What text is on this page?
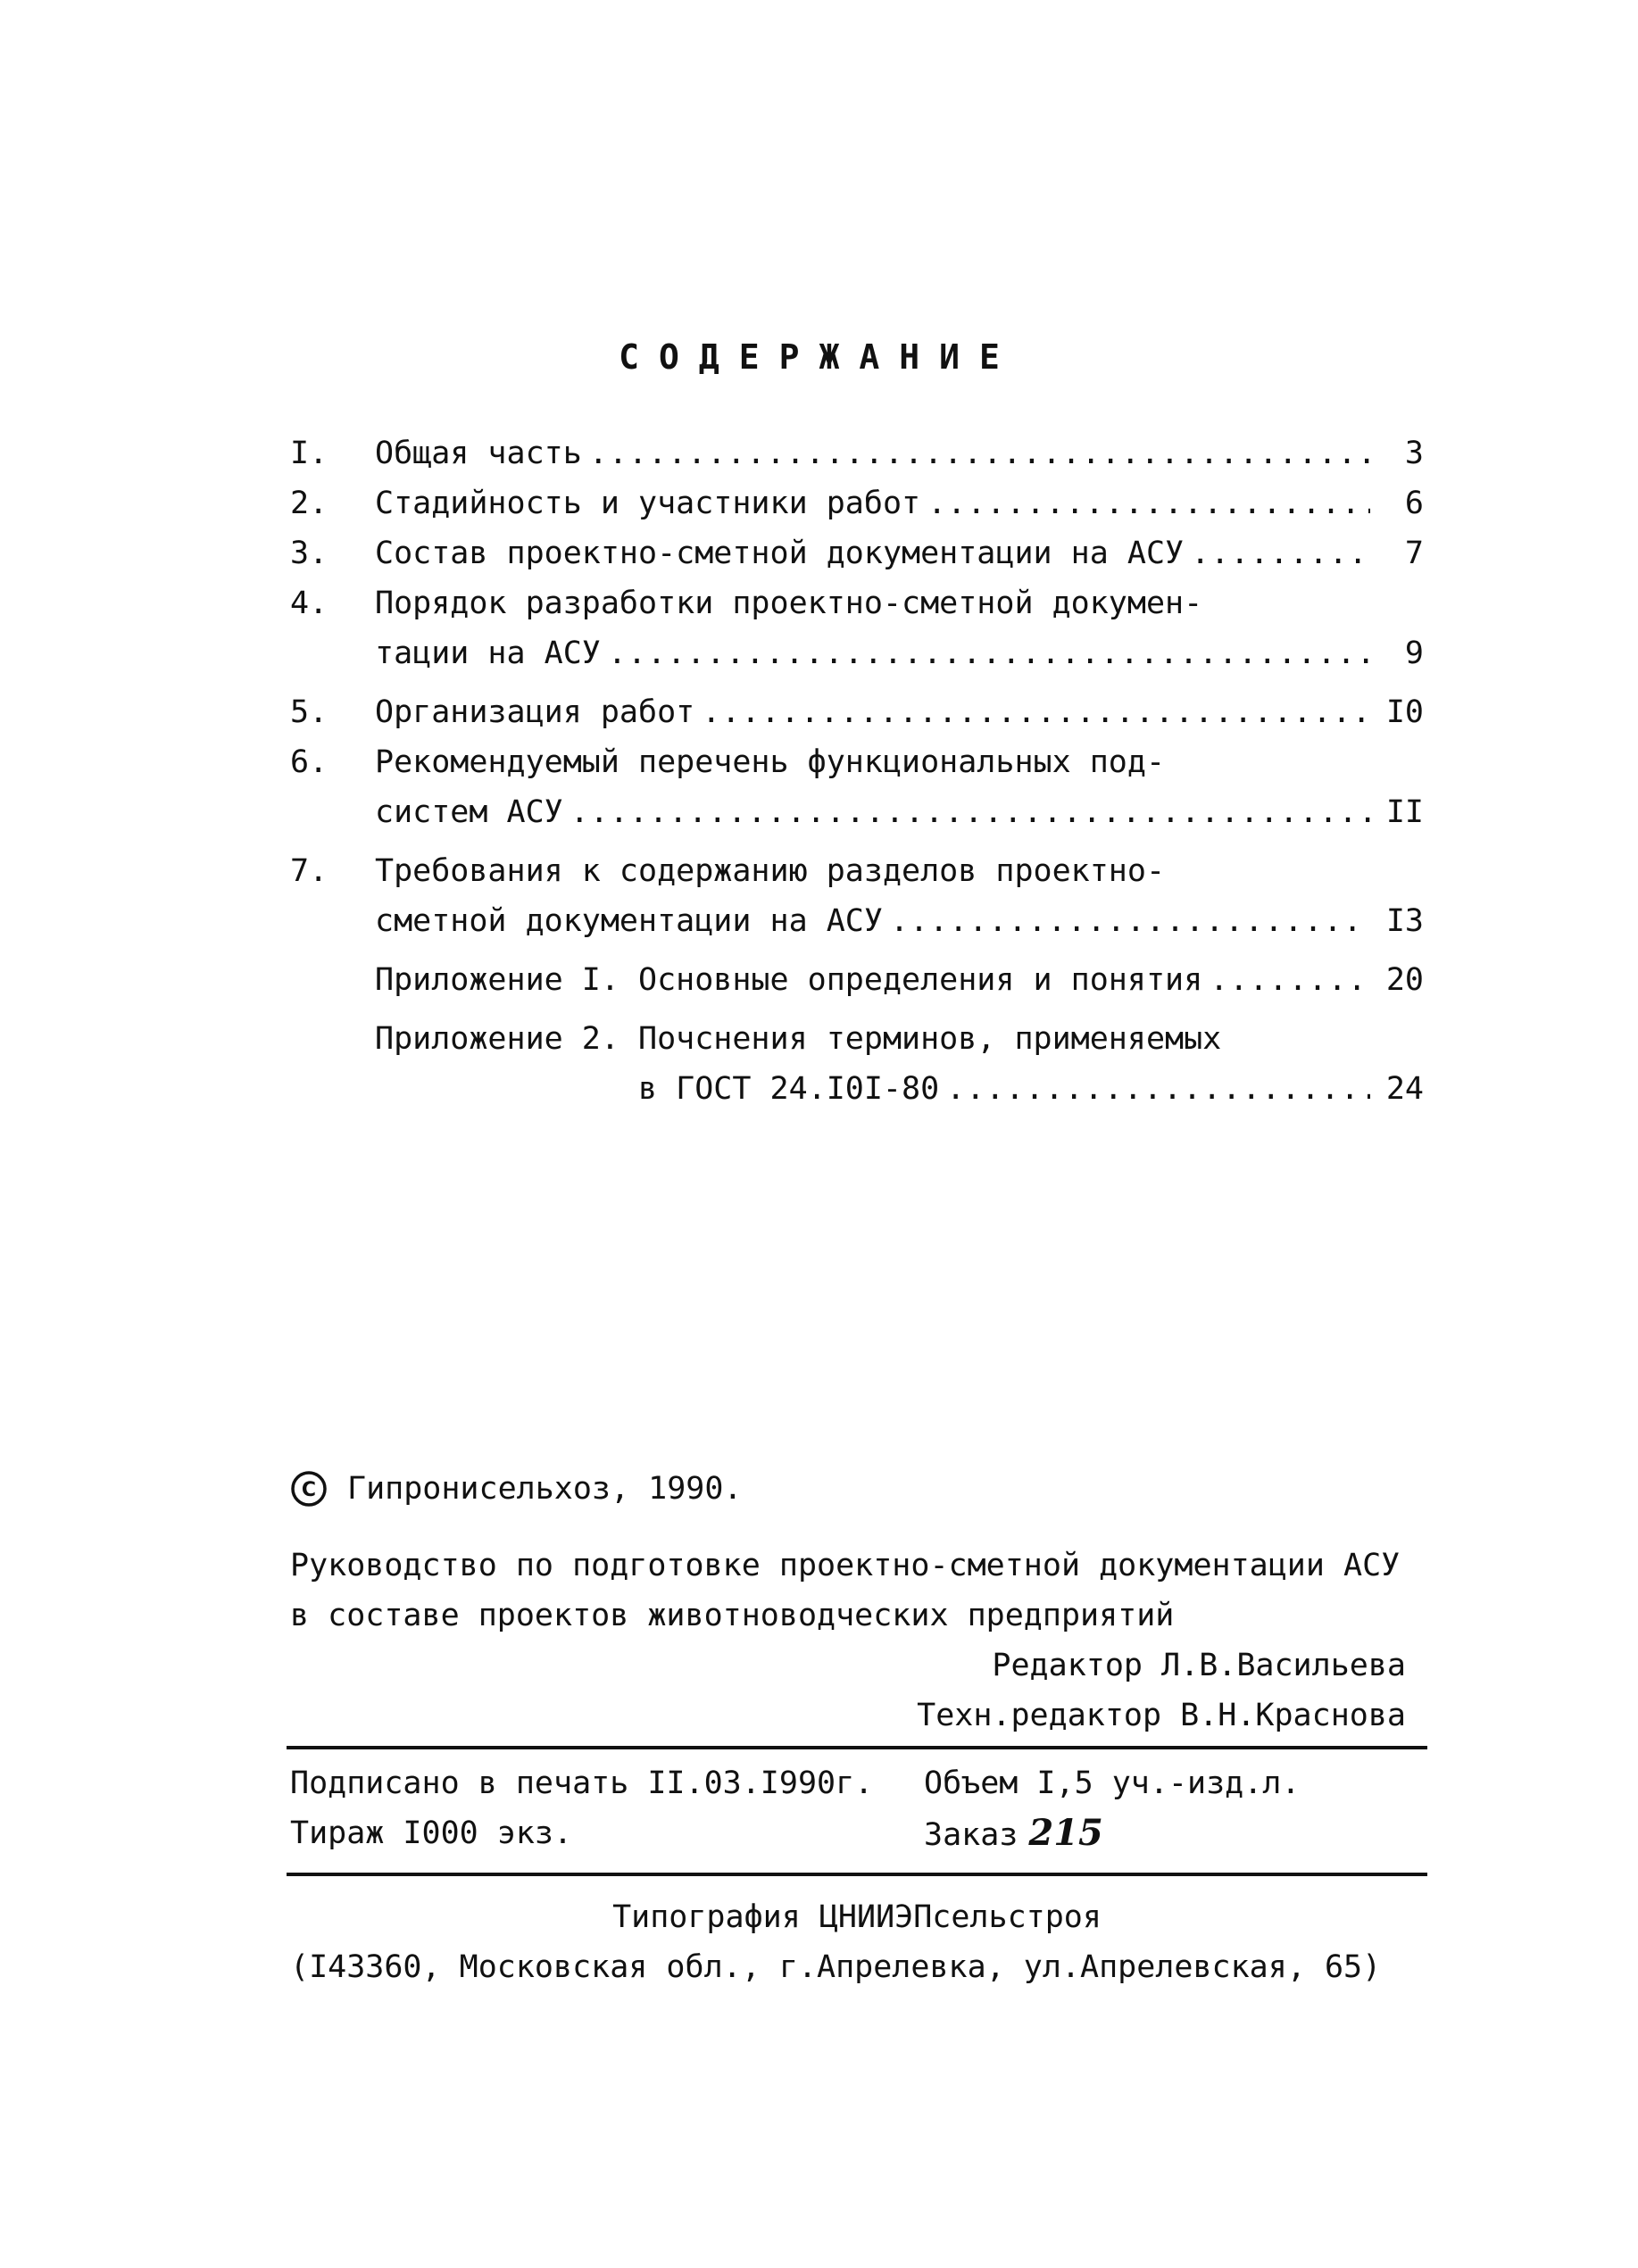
СОДЕРЖАНИЕ
I.	Общая часть .....	3
2.	Стадийность и участники работ .....	6
3.	Состав проектно-сметной документации на АСУ .....	7
4.	Порядок разработки проектно-сметной докумен-
тации на АСУ .....	9
5.	Организация работ .....	I0
6.	Рекомендуемый перечень функциональных под-
систем АСУ .....	II
7.	Требования к содержанию разделов проектно-
сметной документации на АСУ .....	I3
Приложение I. Основные определения и понятия .....	20
Приложение 2. Почснения терминов, применяемых
в ГОСТ 24.I0I-80 .....	24
C Гипронисельхоз, 1990.
Руководство по подготовке проектно-сметной документации АСУ
в составе проектов животноводческих предприятий
Редактор Л.В.Васильева
Техн.редактор В.Н.Краснова
Подписано в печать II.03.I990г.	Объем I,5 уч.-изд.л.
Тираж I000 экз.	Заказ 215
Типография ЦНИИЭПсельстроя
(I43360, Московская обл., г.Апрелевка, ул.Апрелевская, 65)
